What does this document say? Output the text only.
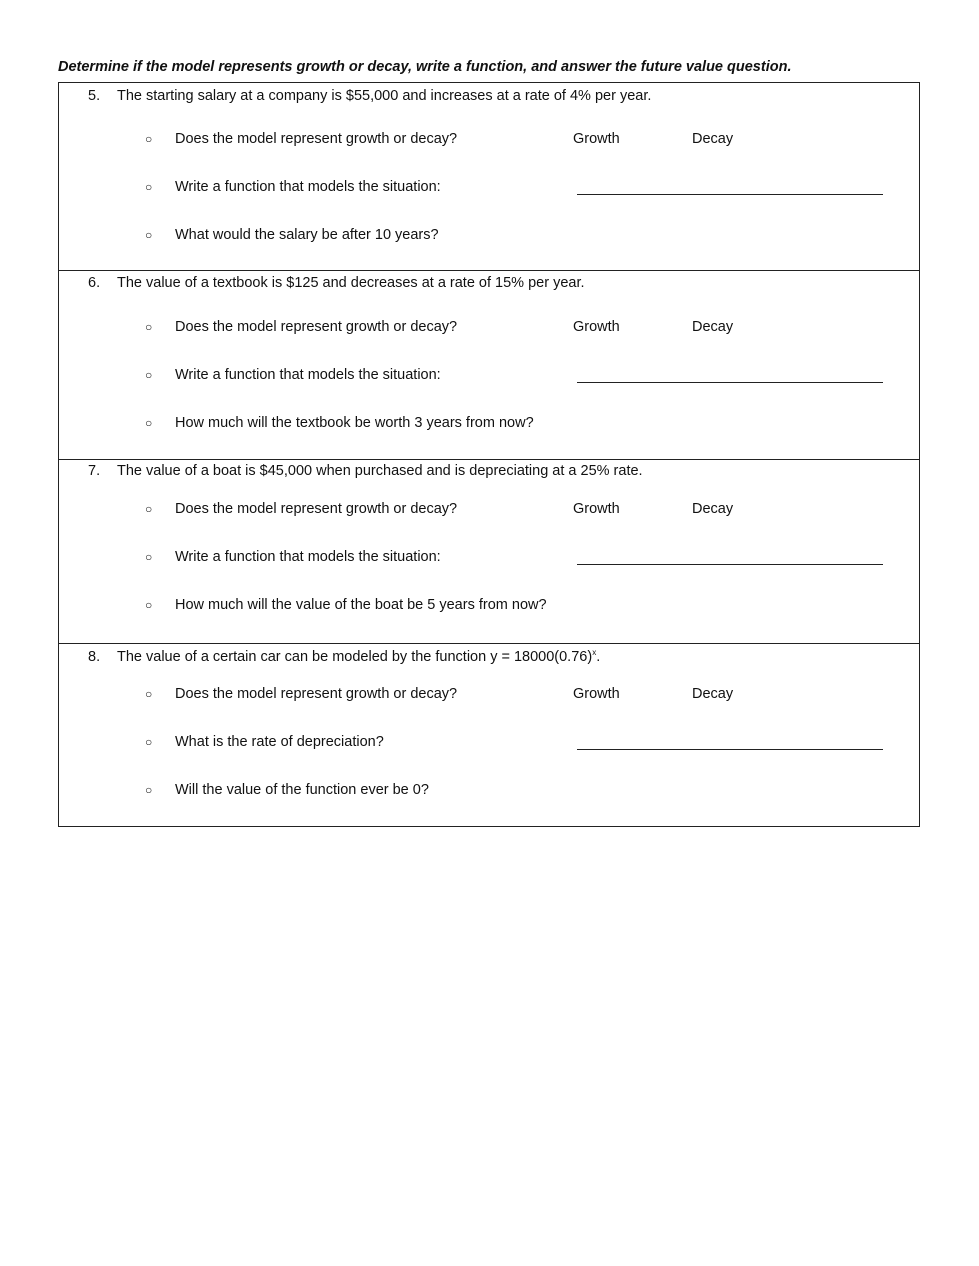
Determine if the model represents growth or decay, write a function, and answer the future value question.
5. The starting salary at a company is $55,000 and increases at a rate of 4% per year.
○ Does the model represent growth or decay?	Growth	Decay
○ Write a function that models the situation:
○ What would the salary be after 10 years?
6. The value of a textbook is $125 and decreases at a rate of 15% per year.
○ Does the model represent growth or decay?	Growth	Decay
○ Write a function that models the situation:
○ How much will the textbook be worth 3 years from now?
7. The value of a boat is $45,000 when purchased and is depreciating at a 25% rate.
○ Does the model represent growth or decay?	Growth	Decay
○ Write a function that models the situation:
○ How much will the value of the boat be 5 years from now?
8. The value of a certain car can be modeled by the function $y = 18000(0.76)^x$.
○ Does the model represent growth or decay?	Growth	Decay
○ What is the rate of depreciation?
○ Will the value of the function ever be 0?
